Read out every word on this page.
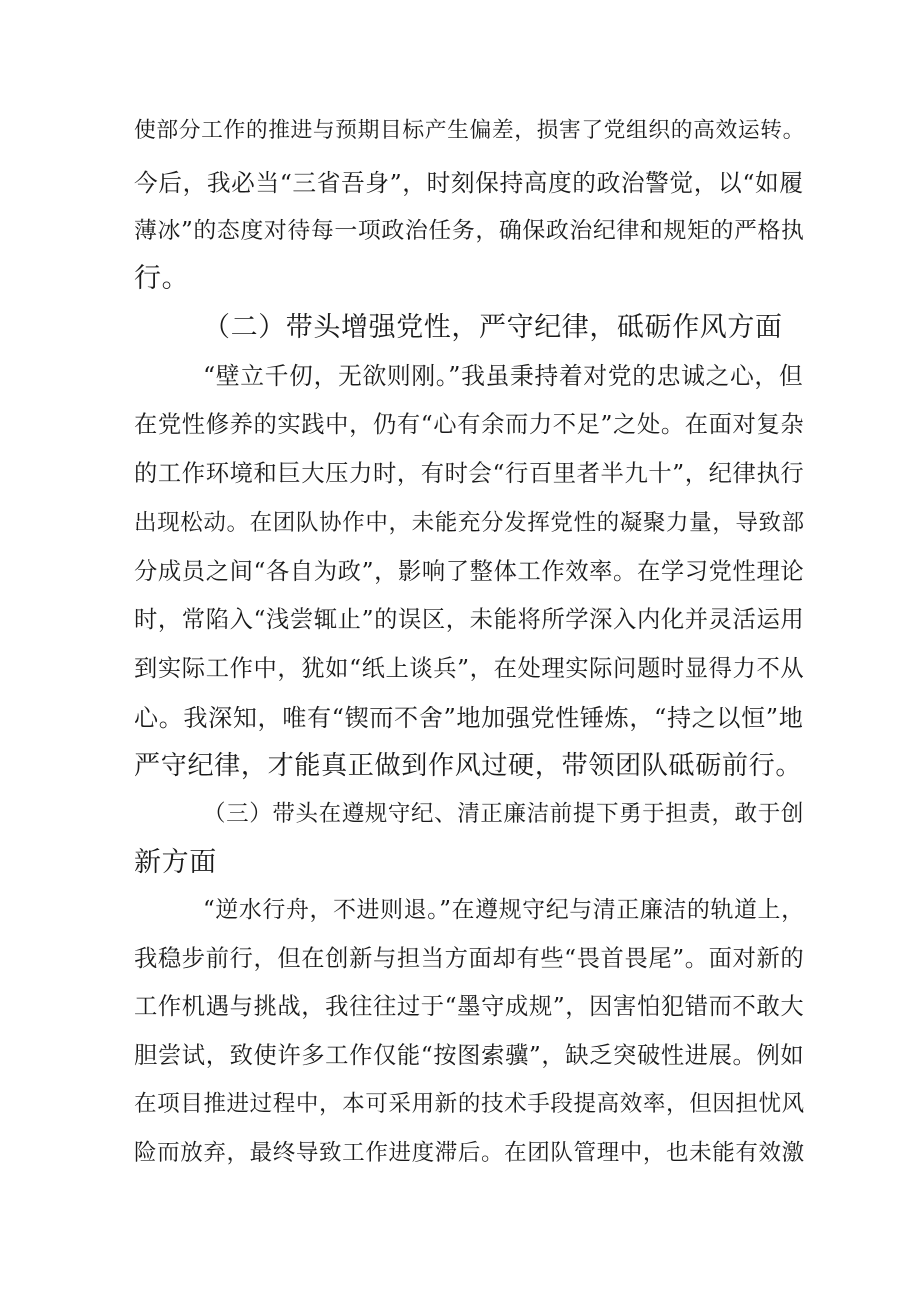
使部分工作的推进与预期目标产生偏差，损害了党组织的高效运转。
今后，我必当“三省吾身”，时刻保持高度的政治警觉，以“如履
薄冰”的态度对待每一项政治任务，确保政治纪律和规矩的严格执
行。
（二）带头增强党性，严守纪律，砥砺作风方面
“壁立千仞，无欲则刚。”我虽秉持着对党的忠诚之心，但
在党性修养的实践中，仍有“心有余而力不足”之处。在面对复杂
的工作环境和巨大压力时，有时会“行百里者半九十”，纪律执行
出现松动。在团队协作中，未能充分发挥党性的凝聚力量，导致部
分成员之间“各自为政”，影响了整体工作效率。在学习党性理论
时，常陷入“浅尝辄止”的误区，未能将所学深入内化并灵活运用
到实际工作中，犹如“纸上谈兵”，在处理实际问题时显得力不从
心。我深知，唯有“锲而不舍”地加强党性锤炼，“持之以恒”地
严守纪律，才能真正做到作风过硬，带领团队砥砺前行。
（三）带头在遵规守纪、清正廉洁前提下勇于担责，敢于创
新方面
“逆水行舟，不进则退。”在遵规守纪与清正廉洁的轨道上，
我稳步前行，但在创新与担当方面却有些“畏首畏尾”。面对新的
工作机遇与挑战，我往往过于“墨守成规”，因害怕犯错而不敢大
胆尝试，致使许多工作仅能“按图索骥”，缺乏突破性进展。例如
在项目推进过程中，本可采用新的技术手段提高效率，但因担忧风
险而放弃，最终导致工作进度滞后。在团队管理中，也未能有效激
